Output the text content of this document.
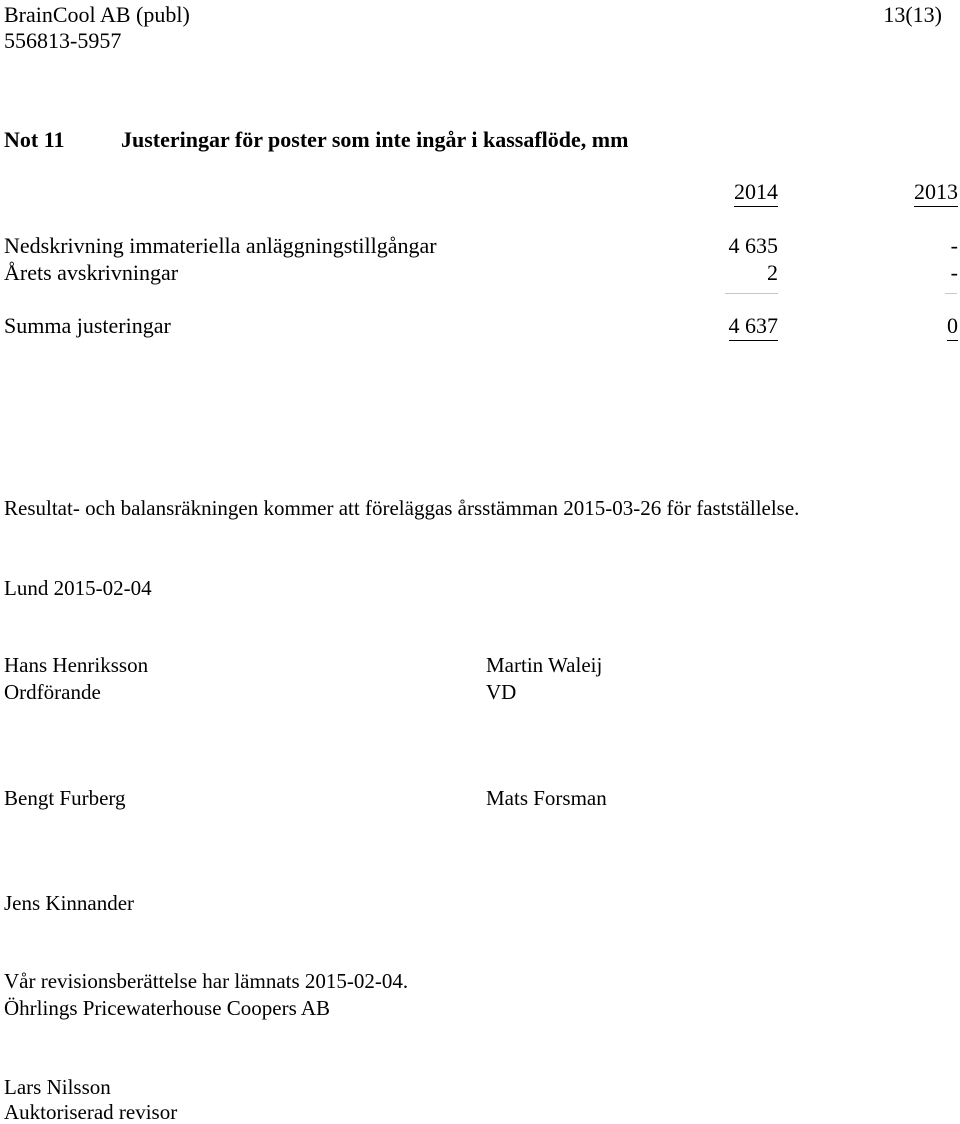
BrainCool AB (publ)
556813-5957
13(13)
Not 11	Justeringar för poster som inte ingår i kassaflöde, mm
2014	2013
Nedskrivning immateriella anläggningstillgångar	4 635	-
Årets avskrivningar	2	-
Summa justeringar	4 637	0
Resultat- och balansräkningen kommer att föreläggas årsstämman 2015-03-26 för fastställelse.
Lund 2015-02-04
Hans Henriksson
Ordförande
Martin Waleij
VD
Bengt Furberg	Mats Forsman
Jens Kinnander
Vår revisionsberättelse har lämnats 2015-02-04.
Öhrlings Pricewaterhouse Coopers AB
Lars Nilsson
Auktoriserad revisor
